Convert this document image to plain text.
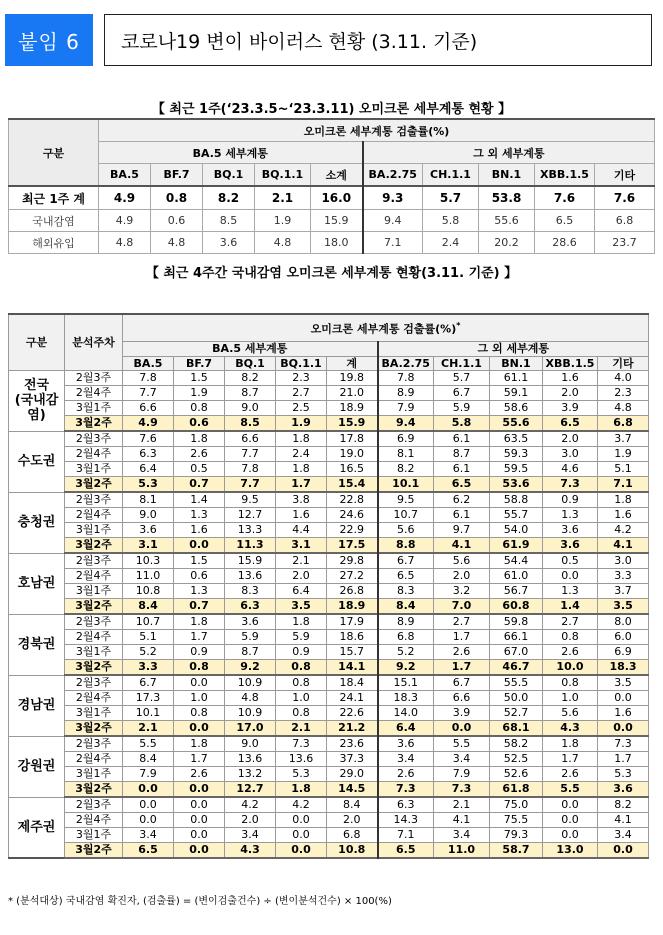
붙임 6	코로나19 변이 바이러스 현황 (3.11. 기준)
【 최근 1주(‘23.3.5~‘23.3.11) 오미크론 세부계통 현황 】
구분	오미크론 세부계통 검출률(%)									
	BA.5 세부계통					그 외 세부계통				
	BA.5	BF.7	BQ.1	BQ.1.1	소계	BA.2.75	CH.1.1	BN.1	XBB.1.5	기타
최근 1주 계	4.9	0.8	8.2	2.1	16.0	9.3	5.7	53.8	7.6	7.6
국내감염	4.9	0.6	8.5	1.9	15.9	9.4	5.8	55.6	6.5	6.8
해외유입	4.8	4.8	3.6	4.8	18.0	7.1	2.4	20.2	28.6	23.7
【 최근 4주간 국내감염 오미크론 세부계통 현황(3.11. 기준) 】
구분	분석주차	오미크론 세부계통 검출률(%)*
		BA.5 세부계통					그 외 세부계통				
		BA.5	BF.7	BQ.1	BQ.1.1	계	BA.2.75	CH.1.1	BN.1	XBB.1.5	기타
전국
(국내감
염)	2월3주	7.8	1.5	8.2	2.3	19.8	7.8	5.7	61.1	1.6	4.0
	2월4주	7.7	1.9	8.7	2.7	21.0	8.9	6.7	59.1	2.0	2.3
	3월1주	6.6	0.8	9.0	2.5	18.9	7.9	5.9	58.6	3.9	4.8
	3월2주	4.9	0.6	8.5	1.9	15.9	9.4	5.8	55.6	6.5	6.8
수도권	2월3주	7.6	1.8	6.6	1.8	17.8	6.9	6.1	63.5	2.0	3.7
	2월4주	6.3	2.6	7.7	2.4	19.0	8.1	8.7	59.3	3.0	1.9
	3월1주	6.4	0.5	7.8	1.8	16.5	8.2	6.1	59.5	4.6	5.1
	3월2주	5.3	0.7	7.7	1.7	15.4	10.1	6.5	53.6	7.3	7.1
충청권	2월3주	8.1	1.4	9.5	3.8	22.8	9.5	6.2	58.8	0.9	1.8
	2월4주	9.0	1.3	12.7	1.6	24.6	10.7	6.1	55.7	1.3	1.6
	3월1주	3.6	1.6	13.3	4.4	22.9	5.6	9.7	54.0	3.6	4.2
	3월2주	3.1	0.0	11.3	3.1	17.5	8.8	4.1	61.9	3.6	4.1
호남권	2월3주	10.3	1.5	15.9	2.1	29.8	6.7	5.6	54.4	0.5	3.0
	2월4주	11.0	0.6	13.6	2.0	27.2	6.5	2.0	61.0	0.0	3.3
	3월1주	10.8	1.3	8.3	6.4	26.8	8.3	3.2	56.7	1.3	3.7
	3월2주	8.4	0.7	6.3	3.5	18.9	8.4	7.0	60.8	1.4	3.5
경북권	2월3주	10.7	1.8	3.6	1.8	17.9	8.9	2.7	59.8	2.7	8.0
	2월4주	5.1	1.7	5.9	5.9	18.6	6.8	1.7	66.1	0.8	6.0
	3월1주	5.2	0.9	8.7	0.9	15.7	5.2	2.6	67.0	2.6	6.9
	3월2주	3.3	0.8	9.2	0.8	14.1	9.2	1.7	46.7	10.0	18.3
경남권	2월3주	6.7	0.0	10.9	0.8	18.4	15.1	6.7	55.5	0.8	3.5
	2월4주	17.3	1.0	4.8	1.0	24.1	18.3	6.6	50.0	1.0	0.0
	3월1주	10.1	0.8	10.9	0.8	22.6	14.0	3.9	52.7	5.6	1.6
	3월2주	2.1	0.0	17.0	2.1	21.2	6.4	0.0	68.1	4.3	0.0
강원권	2월3주	5.5	1.8	9.0	7.3	23.6	3.6	5.5	58.2	1.8	7.3
	2월4주	8.4	1.7	13.6	13.6	37.3	3.4	3.4	52.5	1.7	1.7
	3월1주	7.9	2.6	13.2	5.3	29.0	2.6	7.9	52.6	2.6	5.3
	3월2주	0.0	0.0	12.7	1.8	14.5	7.3	7.3	61.8	5.5	3.6
제주권	2월3주	0.0	0.0	4.2	4.2	8.4	6.3	2.1	75.0	0.0	8.2
	2월4주	0.0	0.0	2.0	0.0	2.0	14.3	4.1	75.5	0.0	4.1
	3월1주	3.4	0.0	3.4	0.0	6.8	7.1	3.4	79.3	0.0	3.4
	3월2주	6.5	0.0	4.3	0.0	10.8	6.5	11.0	58.7	13.0	0.0
* (분석대상) 국내감염 확진자, (검출률) = (변이검출건수) ÷ (변이분석건수) × 100(%)
